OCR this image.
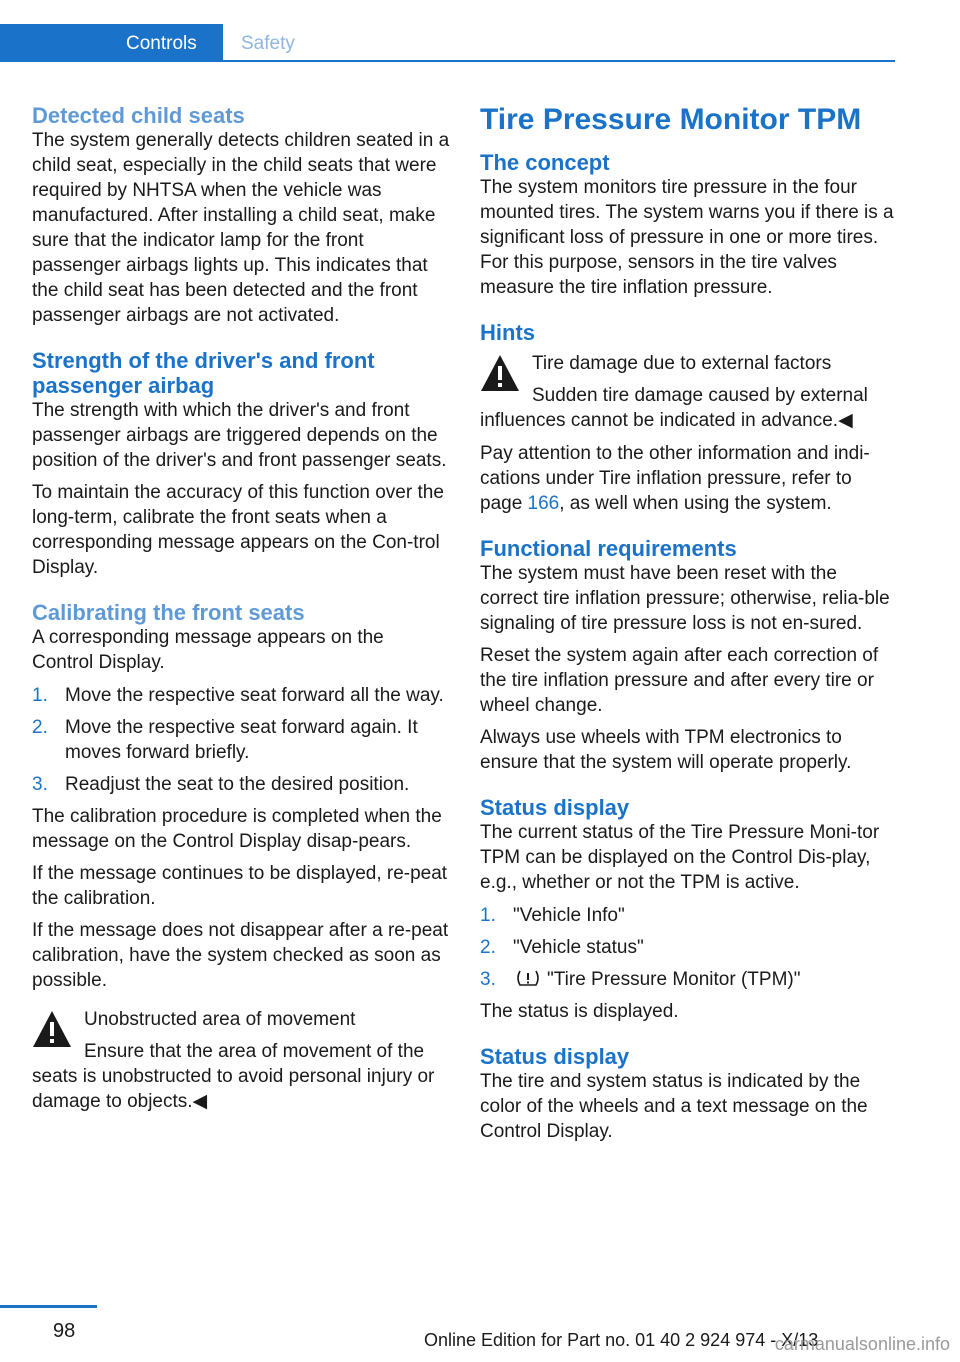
Controls Safety
Detected child seats

The system generally detects children seated in a child seat, especially in the child seats that were required by NHTSA when the vehicle was manufactured. After installing a child seat, make sure that the indicator lamp for the front passenger airbags lights up. This indicates that the child seat has been detected and the front passenger airbags are not activated.

Strength of the driver's and front passenger airbag

The strength with which the driver's and front passenger airbags are triggered depends on the position of the driver's and front passenger seats.

To maintain the accuracy of this function over the long-term, calibrate the front seats when a corresponding message appears on the Con‐trol Display.

Calibrating the front seats

A corresponding message appears on the Control Display.

1. Move the respective seat forward all the way.
2. Move the respective seat forward again. It moves forward briefly.
3. Readjust the seat to the desired position.

The calibration procedure is completed when the message on the Control Display disap‐pears.

If the message continues to be displayed, re‐peat the calibration.

If the message does not disappear after a re‐peat calibration, have the system checked as soon as possible.

Unobstructed area of movement
Ensure that the area of movement of the seats is unobstructed to avoid personal injury or damage to objects.◀
Tire Pressure Monitor TPM
The concept

The system monitors tire pressure in the four mounted tires. The system warns you if there is a significant loss of pressure in one or more tires. For this purpose, sensors in the tire valves measure the tire inflation pressure.

Hints
Tire damage due to external factors
Sudden tire damage caused by external influences cannot be indicated in advance.◀

Pay attention to the other information and indi‐cations under Tire inflation pressure, refer to page 166, as well when using the system.

Functional requirements

The system must have been reset with the correct tire inflation pressure; otherwise, relia‐ble signaling of tire pressure loss is not en‐sured.

Reset the system again after each correction of the tire inflation pressure and after every tire or wheel change.

Always use wheels with TPM electronics to ensure that the system will operate properly.

Status display

The current status of the Tire Pressure Moni‐tor TPM can be displayed on the Control Dis‐play, e.g., whether or not the TPM is active.

1. "Vehicle Info"
2. "Vehicle status"
3.	"Tire Pressure Monitor (TPM)"

The status is displayed.

Status display

The tire and system status is indicated by the color of the wheels and a text message on the Control Display.

98	Online Edition for Part no. 01 40 2 924 974 - X/13
carmanualsonline.info
